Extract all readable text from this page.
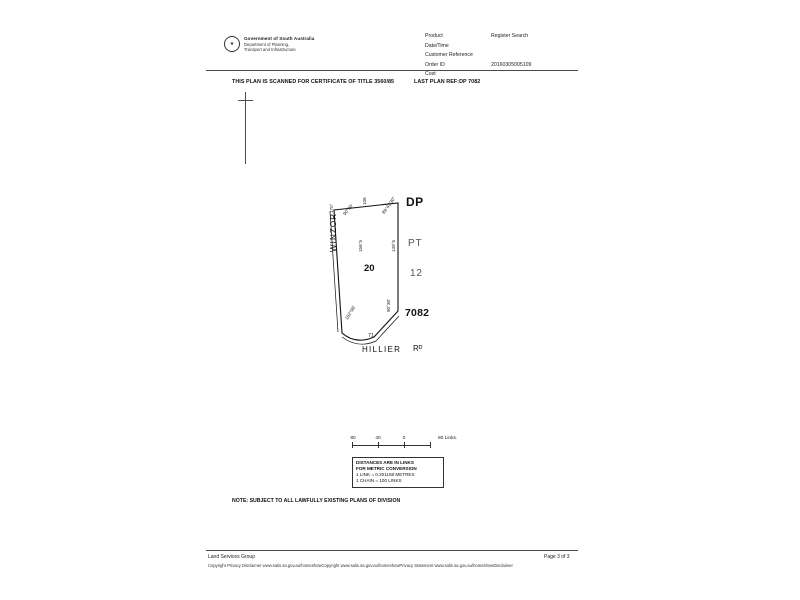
★
Government of South Australia
Department of Planning,
Transport and Infrastructure
Product	Register Search
Date/Time
Customer Reference
Order ID	20160305005109
Cost
THIS PLAN IS SCANNED FOR CERTIFICATE OF TITLE 3560/85	LAST PLAN REF:DP 7082
DP
PT
12
7082
20
WINZOR
HILLIER Rᴰ
170° 90°30'
106	89°43'30"
156°5	149°5
182°08'	90°30'
71
80	40	0	80 Links.
DISTANCES ARE IN LINKS
FOR METRIC CONVERSION
1 LINK = 0.201168 METRES
1 CHAIN = 100 LINKS
NOTE: SUBJECT TO ALL LAWFULLY EXISTING PLANS OF DIVISION
Land Services Group
Copyright Privacy Disclaimer www.salis.sa.gov.au/homeshowCopyright www.salis.sa.gov.au/homeshowPrivacy Statement www.salis.sa.gov.au/homeshowDisclaimer
Page 3 of 3
